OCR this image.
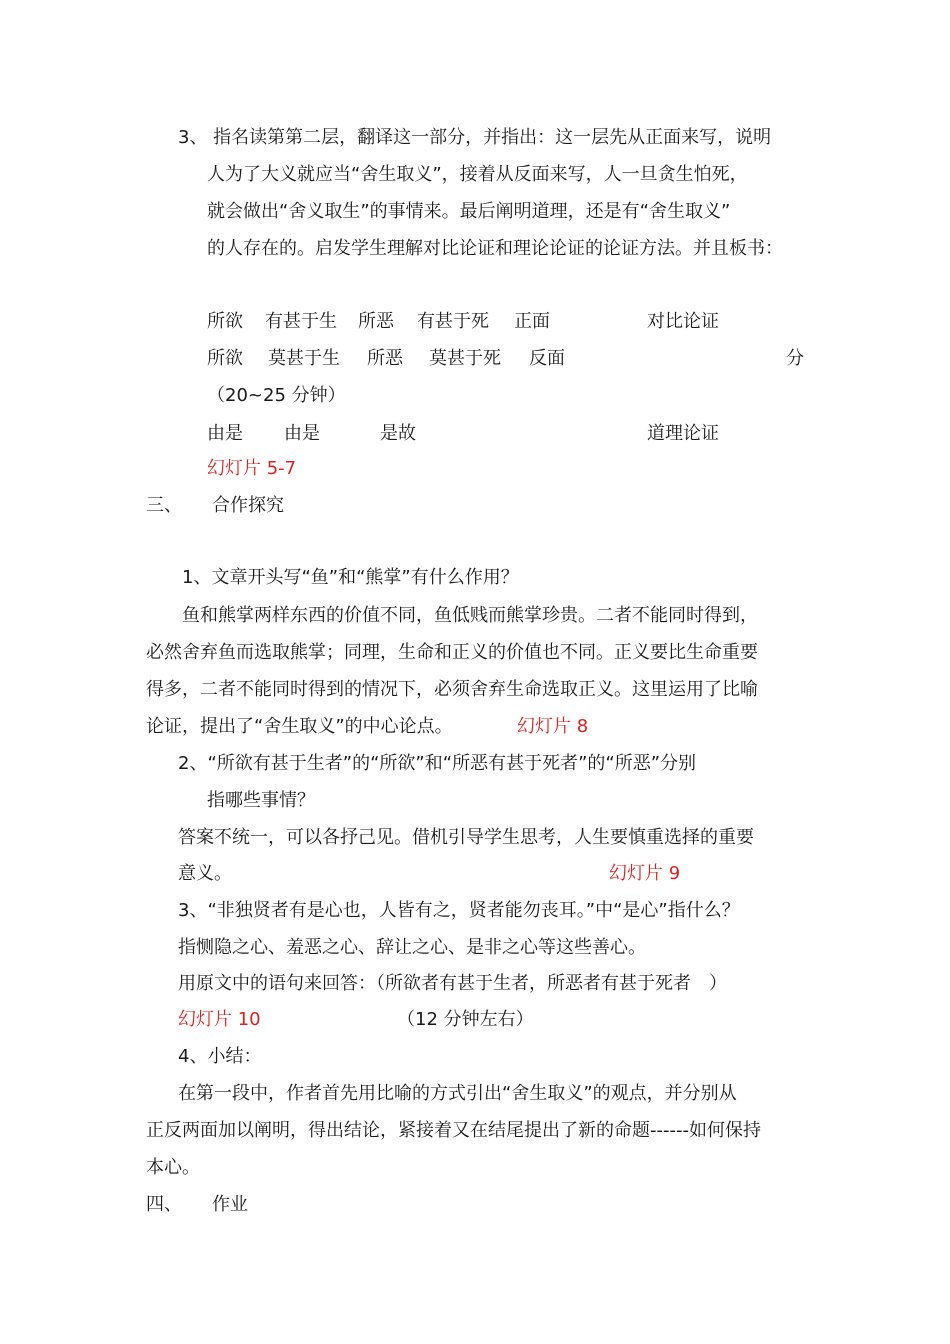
3、 指名读第第二层，翻译这一部分，并指出：这一层先从正面来写，说明
人为了大义就应当“舍生取义”，接着从反面来写，人一旦贪生怕死，
就会做出“舍义取生”的事情来。最后阐明道理，还是有“舍生取义”
的人存在的。启发学生理解对比论证和理论论证的论证方法。并且板书：
所欲 有甚于生 所恶 有甚于死 正面	对比论证
所欲 莫甚于生 所恶 莫甚于死 反面	分
（20~25 分钟）
由是 由是	是故	道理论证
幻灯片 5-7
三、 合作探究
1、文章开头写“鱼”和“熊掌”有什么作用？
鱼和熊掌两样东西的价值不同，鱼低贱而熊掌珍贵。二者不能同时得到，
必然舍弃鱼而选取熊掌；同理，生命和正义的价值也不同。正义要比生命重要
得多，二者不能同时得到的情况下，必须舍弃生命选取正义。这里运用了比喻
论证，提出了“舍生取义”的中心论点。	幻灯片 8
2、“所欲有甚于生者”的“所欲”和“所恶有甚于死者”的“所恶”分别
指哪些事情？
答案不统一，可以各抒己见。借机引导学生思考，人生要慎重选择的重要
意义。	幻灯片 9
3、“非独贤者有是心也，人皆有之，贤者能勿丧耳。”中“是心”指什么？
指恻隐之心、羞恶之心、辞让之心、是非之心等这些善心。
用原文中的语句来回答：（所欲者有甚于生者，所恶者有甚于死者　）
幻灯片 10	（12 分钟左右）
4、小结：
在第一段中，作者首先用比喻的方式引出“舍生取义”的观点，并分别从
正反两面加以阐明，得出结论，紧接着又在结尾提出了新的命题------如何保持
本心。
四、 作业
